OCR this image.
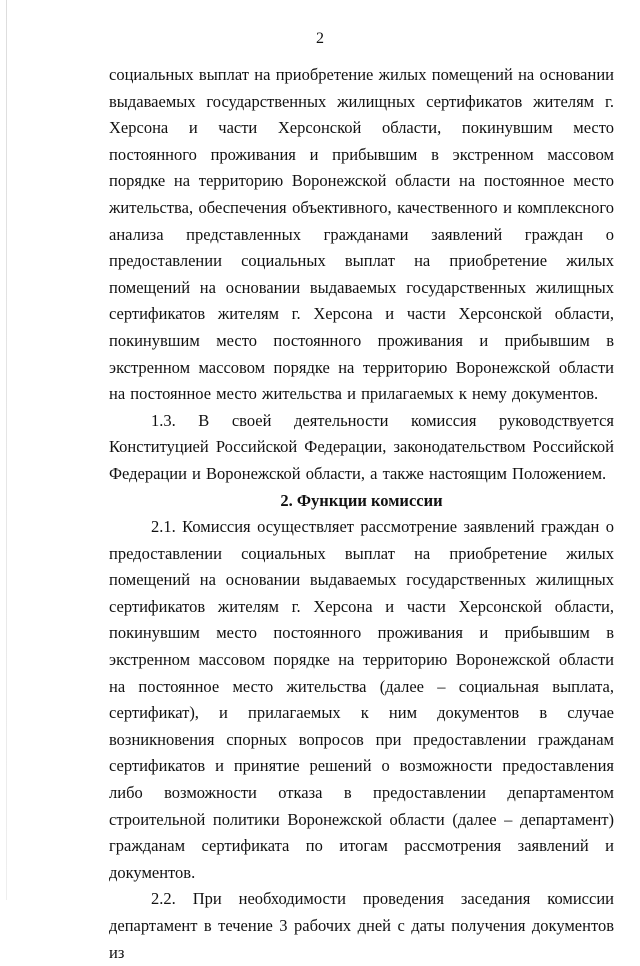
2

социальных выплат на приобретение жилых помещений на основании выдаваемых государственных жилищных сертификатов жителям г. Херсона и части Херсонской области, покинувшим место постоянного проживания и прибывшим в экстренном массовом порядке на территорию Воронежской области на постоянное место жительства, обеспечения объективного, качественного и комплексного анализа представленных гражданами заявлений граждан о предоставлении социальных выплат на приобретение жилых помещений на основании выдаваемых государственных жилищных сертификатов жителям г. Херсона и части Херсонской области, покинувшим место постоянного проживания и прибывшим в экстренном массовом порядке на территорию Воронежской области на постоянное место жительства и прилагаемых к нему документов.

1.3. В своей деятельности комиссия руководствуется Конституцией Российской Федерации, законодательством Российской Федерации и Воронежской области, а также настоящим Положением.

2. Функции комиссии

2.1. Комиссия осуществляет рассмотрение заявлений граждан о предоставлении социальных выплат на приобретение жилых помещений на основании выдаваемых государственных жилищных сертификатов жителям г. Херсона и части Херсонской области, покинувшим место постоянного проживания и прибывшим в экстренном массовом порядке на территорию Воронежской области на постоянное место жительства (далее – социальная выплата, сертификат), и прилагаемых к ним документов в случае возникновения спорных вопросов при предоставлении гражданам сертификатов и принятие решений о возможности предоставления либо возможности отказа в предоставлении департаментом строительной политики Воронежской области (далее – департамент) гражданам сертификата по итогам рассмотрения заявлений и документов.

2.2. При необходимости проведения заседания комиссии департамент в течение 3 рабочих дней с даты получения документов из
